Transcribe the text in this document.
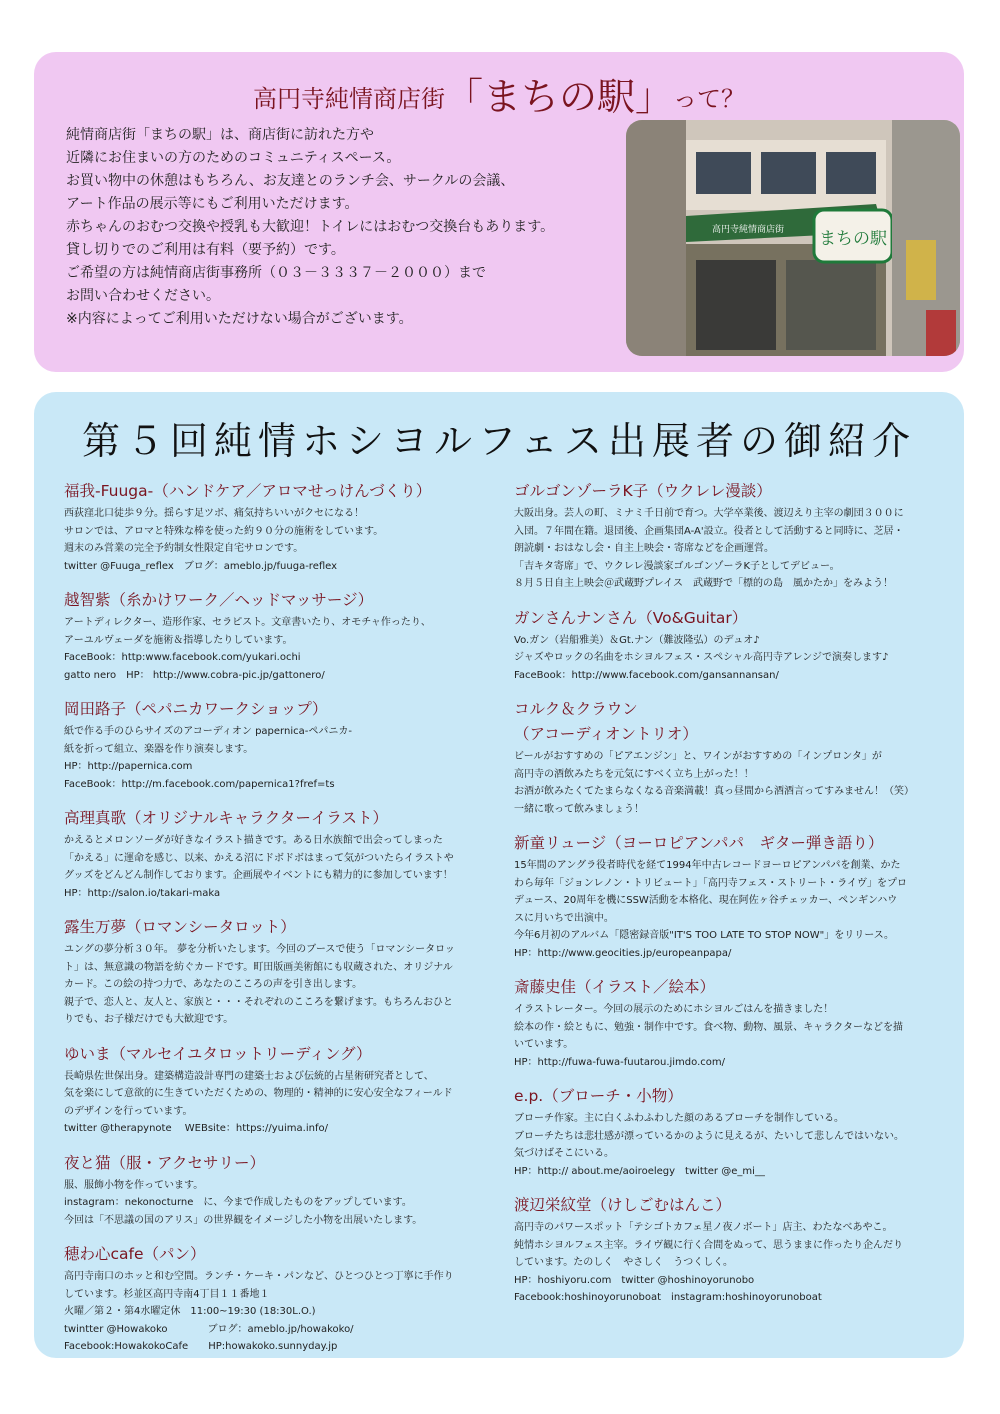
高円寺純情商店街「まちの駅」って？
純情商店街「まちの駅」は、商店街に訪れた方や
近隣にお住まいの方のためのコミュニティスペース。
お買い物中の休憩はもちろん、お友達とのランチ会、サークルの会議、
アート作品の展示等にもご利用いただけます。
赤ちゃんのおむつ交換や授乳も大歓迎！トイレにはおむつ交換台もあります。
貸し切りでのご利用は有料（要予約）です。
ご希望の方は純情商店街事務所（０３－３３３７－２０００）まで
お問い合わせください。
※内容によってご利用いただけない場合がございます。
まちの駅
高円寺純情商店街
第５回純情ホシヨルフェス出展者の御紹介
福我-Fuuga-（ハンドケア／アロマせっけんづくり）
西荻窪北口徒歩９分。揺らす足ツボ、痛気持ちいいがクセになる！
サロンでは、アロマと特殊な棒を使った約９０分の施術をしています。
週末のみ営業の完全予約制女性限定自宅サロンです。
twitter @Fuuga_reflex　ブログ：ameblo.jp/fuuga-reflex
越智紫（糸かけワーク／ヘッドマッサージ）
アートディレクター、造形作家、セラピスト。文章書いたり、オモチャ作ったり、
アーユルヴェーダを施術＆指導したりしています。
FaceBook：http:www.facebook.com/yukari.ochi
gatto nero　HP： http://www.cobra-pic.jp/gattonero/
岡田路子（ペパニカワークショップ）
紙で作る手のひらサイズのアコーディオン papernica-ペパニカ-
紙を折って組立、楽器を作り演奏します。
HP：http://papernica.com
FaceBook：http://m.facebook.com/papernica1?fref=ts
高理真歌（オリジナルキャラクターイラスト）
かえるとメロンソーダが好きなイラスト描きです。ある日水族館で出会ってしまった
「かえる」に運命を感じ、以来、かえる沼にドボドボはまって気がついたらイラストや
グッズをどんどん制作しております。企画展やイベントにも精力的に参加しています！
HP：http://salon.io/takari-maka
露生万夢（ロマンシータロット）
ユングの夢分析３０年。 夢を分析いたします。今回のブースで使う「ロマンシータロッ
ト」は、無意識の物語を紡ぐカードです。町田版画美術館にも収蔵された、オリジナル
カード。この絵の持つ力で、あなたのこころの声を引き出します。
親子で、恋人と、友人と、家族と・・・それぞれのこころを繋げます。もちろんおひと
りでも、お子様だけでも大歓迎です。
ゆいま（マルセイユタロットリーディング）
長崎県佐世保出身。建築構造設計専門の建築士および伝統的占星術研究者として、
気を楽にして意欲的に生きていただくための、物理的・精神的に安心安全なフィールド
のデザインを行っています。
twitter @therapynote　 WEBsite：https://yuima.info/
夜と猫（服・アクセサリー）
服、服飾小物を作っています。
instagram：nekonocturne　に、今まで作成したものをアップしています。
今回は「不思議の国のアリス」の世界観をイメージした小物を出展いたします。
穂わ心cafe（パン）
高円寺南口のホッと和む空間。ランチ・ケーキ・パンなど、ひとつひとつ丁寧に手作り
しています。杉並区高円寺南4丁目１１番地１
火曜／第２・第4水曜定休　11:00~19:30 (18:30L.O.)
twintter @Howakoko　　　　ブログ：ameblo.jp/howakoko/
Facebook:HowakokoCafe　　HP:howakoko.sunnyday.jp
ゴルゴンゾーラK子（ウクレレ漫談）
大阪出身。芸人の町、ミナミ千日前で育つ。大学卒業後、渡辺えり主宰の劇団３００に
入団。７年間在籍。退団後、企画集団A-A'設立。役者として活動すると同時に、芝居・
朗読劇・おはなし会・自主上映会・寄席などを企画運営。
「吉キタ寄席」で、ウクレレ漫談家ゴルゴンゾーラK子としてデビュー。
８月５日自主上映会＠武蔵野プレイス　武蔵野で「標的の島　風かたか」をみよう！
ガンさんナンさん（Vo&Guitar）
Vo.ガン（岩船雅美）＆Gt.ナン（難波隆弘）のデュオ♪
ジャズやロックの名曲をホシヨルフェス・スペシャル高円寺アレンジで演奏します♪
FaceBook：http://www.facebook.com/gansannansan/
コルク＆クラウン
（アコーディオントリオ）
ビールがおすすめの「ピアエンジン」と、ワインがおすすめの「インプロンタ」が
高円寺の酒飲みたちを元気にすべく立ち上がった！！
お酒が飲みたくてたまらなくなる音楽満載！真っ昼間から酒酒言ってすみません！（笑）
一緒に歌って飲みましょう！
新童リュージ（ヨーロピアンパパ　ギター弾き語り）
15年間のアングラ役者時代を経て1994年中古レコードヨーロピアンパパを創業、かた
わら毎年「ジョンレノン・トリビュート」「高円寺フェス・ストリート・ライヴ」をプロ
デュース、20周年を機にSSW活動を本格化、現在阿佐ヶ谷チェッカー、ペンギンハウ
スに月いちで出演中。
今年6月初のアルバム「隠密録音版"IT'S TOO LATE TO STOP NOW"」をリリース。
HP：http://www.geocities.jp/europeanpapa/
斎藤史佳（イラスト／絵本）
イラストレーター。今回の展示のためにホシヨルごはんを描きました！
絵本の作・絵ともに、勉強・制作中です。食べ物、動物、風景、キャラクターなどを描
いています。
HP：http://fuwa-fuwa-fuutarou.jimdo.com/
e.p.（ブローチ・小物）
ブローチ作家。主に白くふわふわした顔のあるブローチを制作している。
ブローチたちは悲壮感が漂っているかのように見えるが、たいして悲しんではいない。
気づけばそこにいる。
HP：http:// about.me/aoiroelegy　twitter @e_mi__
渡辺栄紋堂（けしごむはんこ）
高円寺のパワースポット「テシゴトカフェ星ノ夜ノボート」店主、わたなべあやこ。
純情ホシヨルフェス主宰。ライヴ観に行く合間をぬって、思うままに作ったり企んだり
しています。たのしく　やさしく　うつくしく。
HP：hoshiyoru.com　twitter @hoshinoyorunobo
Facebook:hoshinoyorunoboat　instagram:hoshinoyorunoboat
